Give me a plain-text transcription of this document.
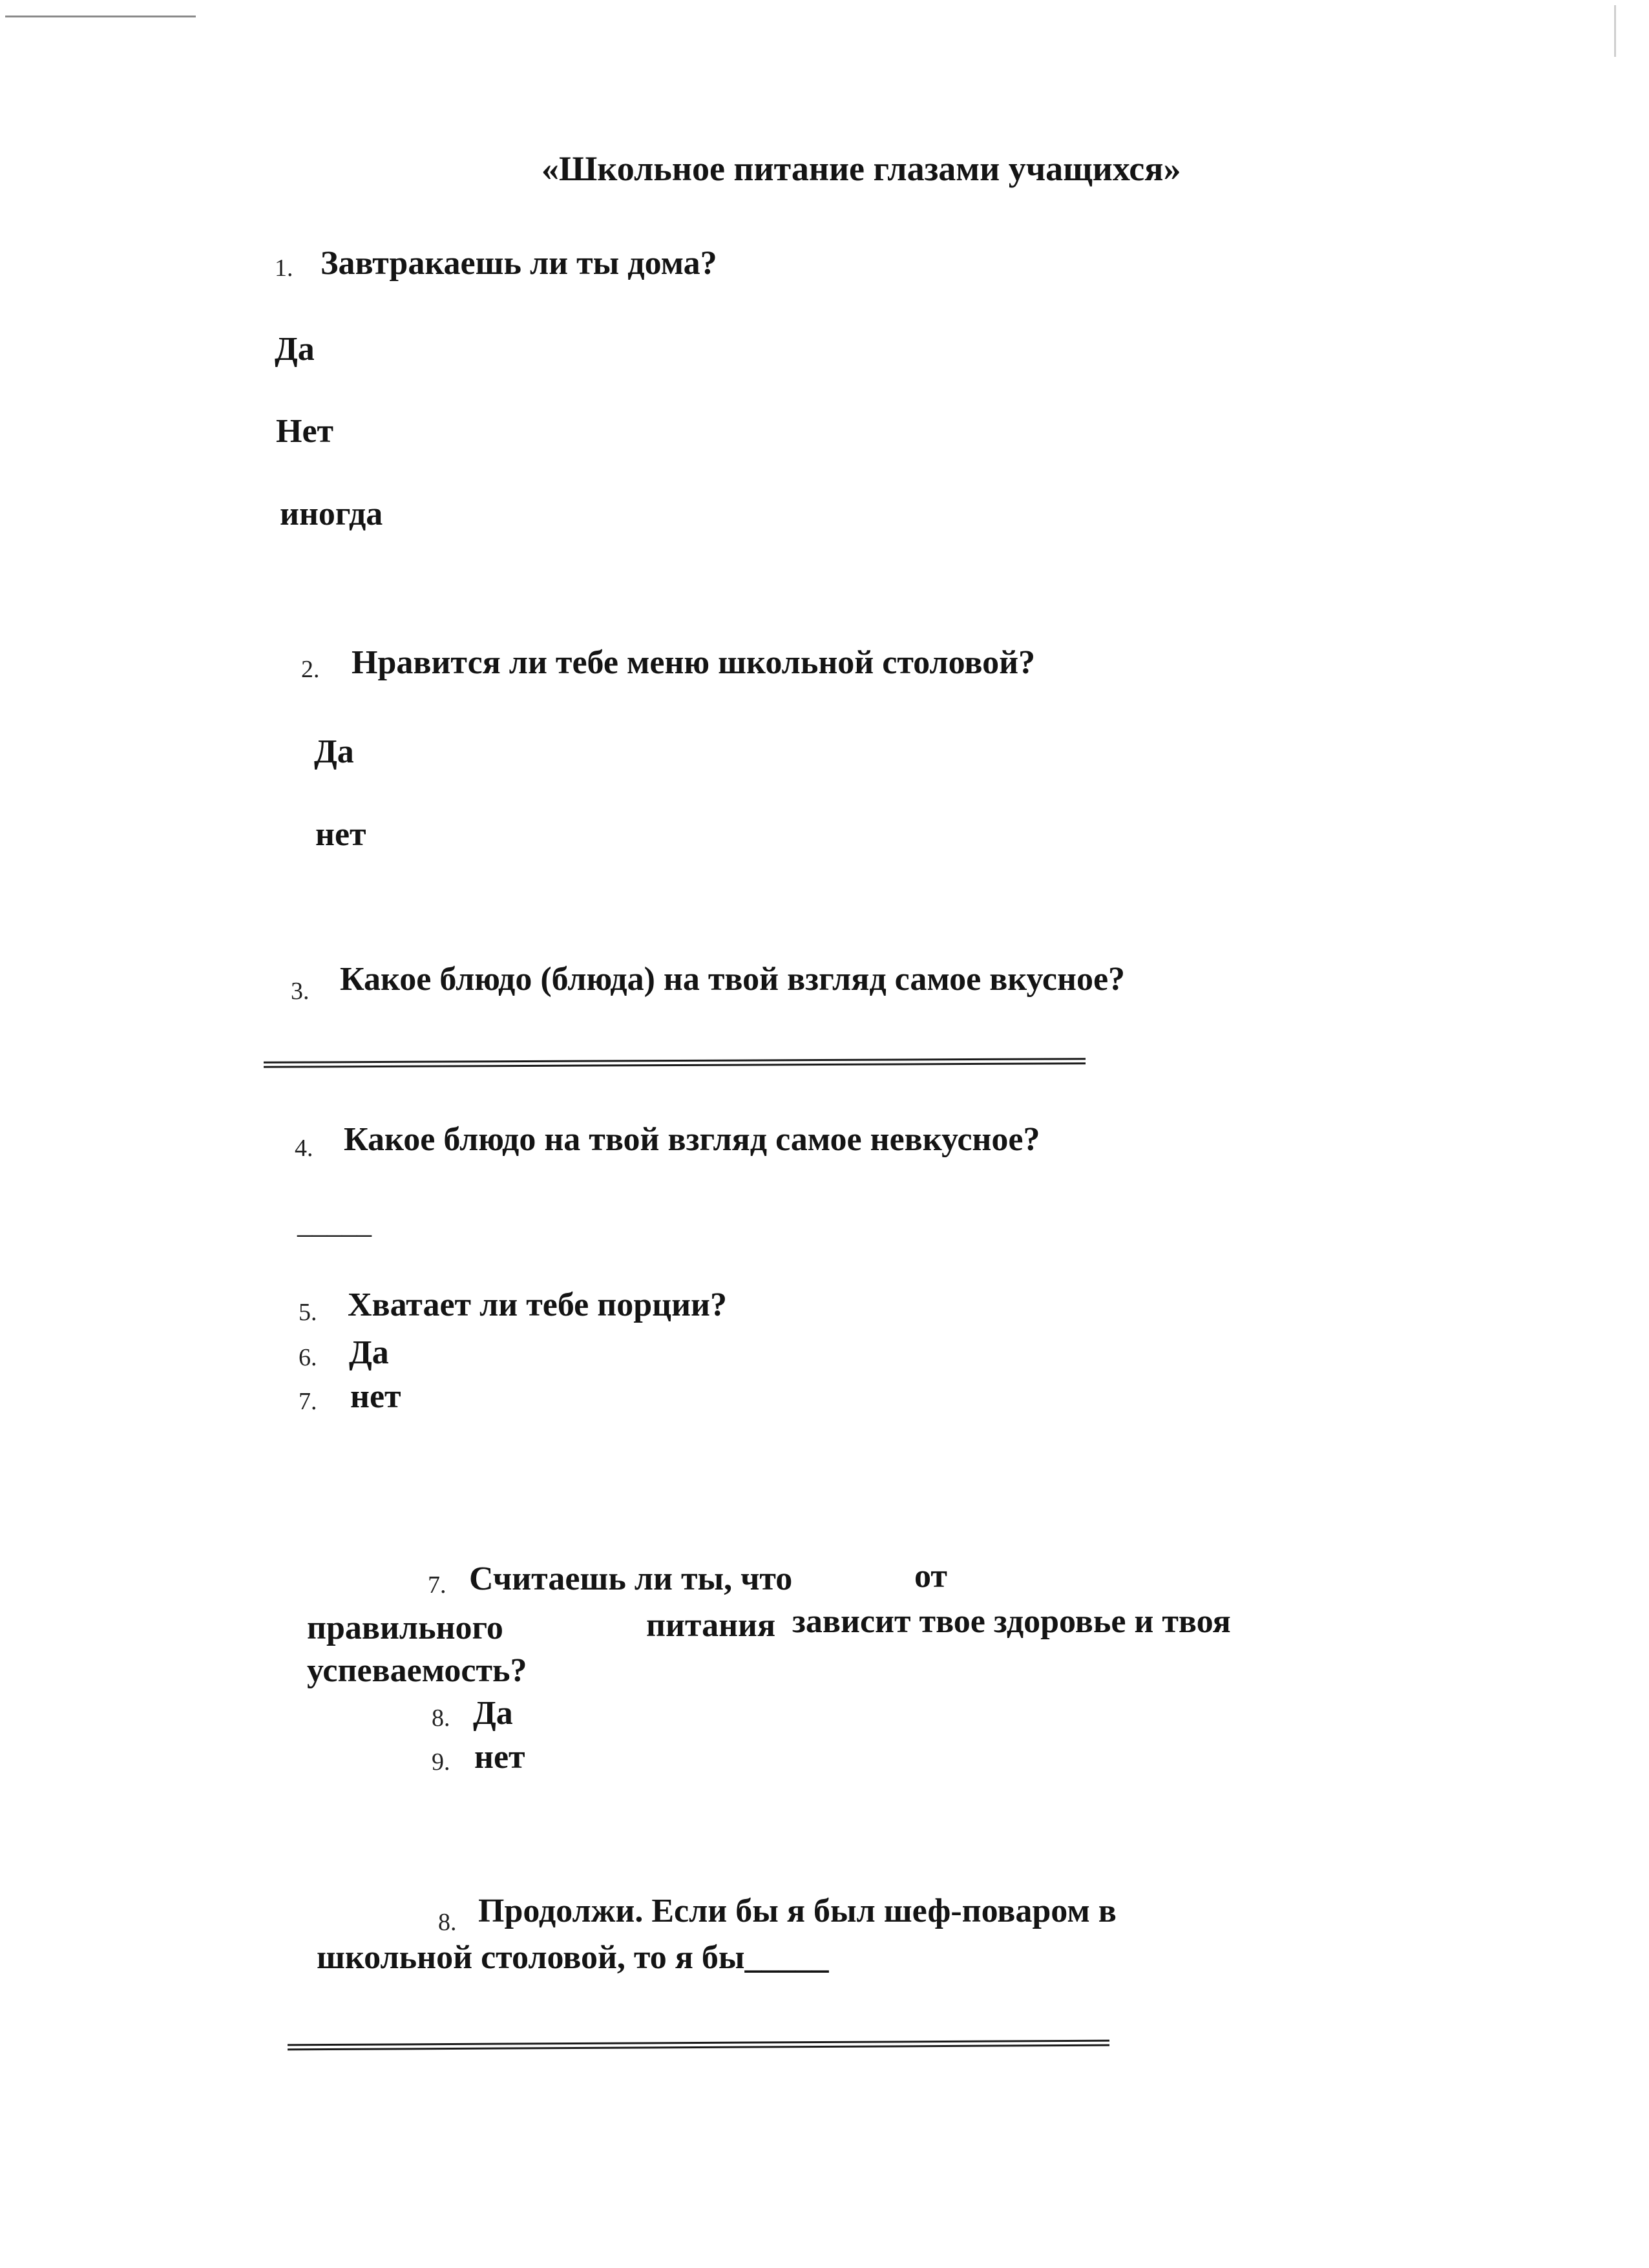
«Школьное питание глазами учащихся»
1. Завтракаешь ли ты дома?
Да
Нет
иногда
2. Нравится ли тебе меню школьной столовой?
Да
нет
3. Какое блюдо (блюда) на твой взгляд самое вкусное?
4. Какое блюдо на твой взгляд самое невкусное?
_____
5. Хватает ли тебе порции?
6. Да
7. нет
7. Считаешь ли ты, что	от
правильного	питания зависит твое здоровье и твоя
успеваемость?
8. Да
9. нет
8. Продолжи. Если бы я был шеф-поваром в
школьной столовой, то я бы_____
